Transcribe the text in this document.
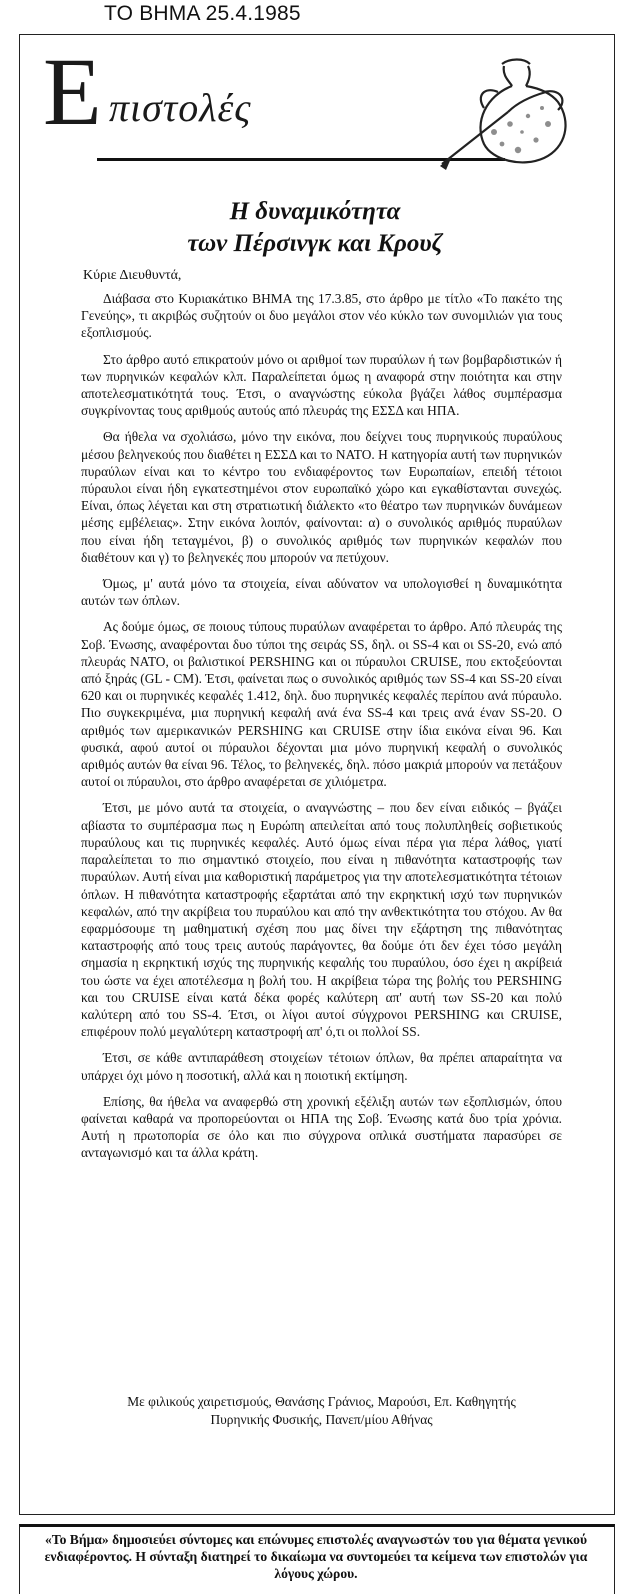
ΤΟ ΒΗΜΑ 25.4.1985
Ε πιστολές
Η δυναμικότητα
των Πέρσινγκ και Κρουζ
Κύριε Διευθυντά,

Διάβασα στο Κυριακάτικο ΒΗΜΑ της 17.3.85, στο άρθρο με τίτλο «Το πακέτο της Γενεύης», τι ακριβώς συζητούν οι δυο μεγάλοι στον νέο κύκλο των συνομιλιών για τους εξοπλισμούς.

Στο άρθρο αυτό επικρατούν μόνο οι αριθμοί των πυραύλων ή των βομβαρδιστικών ή των πυρηνικών κεφαλών κλπ. Παραλείπεται όμως η αναφορά στην ποιότητα και στην αποτελεσματικότητά τους. Έτσι, ο αναγνώστης εύκολα βγάζει λάθος συμπέρασμα συγκρίνοντας τους αριθμούς αυτούς από πλευράς της ΕΣΣΔ και ΗΠΑ.

Θα ήθελα να σχολιάσω, μόνο την εικόνα, που δείχνει τους πυρηνικούς πυραύλους μέσου βεληνεκούς που διαθέτει η ΕΣΣΔ και το ΝΑΤΟ. Η κατηγορία αυτή των πυρηνικών πυραύλων είναι και το κέντρο του ενδιαφέροντος των Ευρωπαίων, επειδή τέτοιοι πύραυλοι είναι ήδη εγκατεστημένοι στον ευρωπαϊκό χώρο και εγκαθίστανται συνεχώς. Είναι, όπως λέγεται και στη στρατιωτική διάλεκτο «το θέατρο των πυρηνικών δυνάμεων μέσης εμβέλειας». Στην εικόνα λοιπόν, φαίνονται: α) ο συνολικός αριθμός πυραύλων που είναι ήδη τεταγμένοι, β) ο συνολικός αριθμός των πυρηνικών κεφαλών που διαθέτουν και γ) το βεληνεκές που μπορούν να πετύχουν.

Όμως, μ' αυτά μόνο τα στοιχεία, είναι αδύνατον να υπολογισθεί η δυναμικότητα αυτών των όπλων.

Ας δούμε όμως, σε ποιους τύπους πυραύλων αναφέρεται το άρθρο. Από πλευράς της Σοβ. Ένωσης, αναφέρονται δυο τύποι της σειράς SS, δηλ. οι SS-4 και οι SS-20, ενώ από πλευράς ΝΑΤΟ, οι βαλιστικοί PERSHING και οι πύραυλοι CRUISE, που εκτοξεύονται από ξηράς (GL - CM). Έτσι, φαίνεται πως ο συνολικός αριθμός των SS-4 και SS-20 είναι 620 και οι πυρηνικές κεφαλές 1.412, δηλ. δυο πυρηνικές κεφαλές περίπου ανά πύραυλο. Πιο συγκεκριμένα, μια πυρηνική κεφαλή ανά ένα SS-4 και τρεις ανά έναν SS-20. Ο αριθμός των αμερικανικών PERSHING και CRUISE στην ίδια εικόνα είναι 96. Και φυσικά, αφού αυτοί οι πύραυλοι δέχονται μια μόνο πυρηνική κεφαλή ο συνολικός αριθμός αυτών θα είναι 96. Τέλος, το βεληνεκές, δηλ. πόσο μακριά μπορούν να πετάξουν αυτοί οι πύραυλοι, στο άρθρο αναφέρεται σε χιλιόμετρα.

Έτσι, με μόνο αυτά τα στοιχεία, ο αναγνώστης – που δεν είναι ειδικός – βγάζει αβίαστα το συμπέρασμα πως η Ευρώπη απειλείται από τους πολυπληθείς σοβιετικούς πυραύλους και τις πυρηνικές κεφαλές. Αυτό όμως είναι πέρα για πέρα λάθος, γιατί παραλείπεται το πιο σημαντικό στοιχείο, που είναι η πιθανότητα καταστροφής των πυραύλων. Αυτή είναι μια καθοριστική παράμετρος για την αποτελεσματικότητα τέτοιων όπλων. Η πιθανότητα καταστροφής εξαρτάται από την εκρηκτική ισχύ των πυρηνικών κεφαλών, από την ακρίβεια του πυραύλου και από την ανθεκτικότητα του στόχου. Αν θα εφαρμόσουμε τη μαθηματική σχέση που μας δίνει την εξάρτηση της πιθανότητας καταστροφής από τους τρεις αυτούς παράγοντες, θα δούμε ότι δεν έχει τόσο μεγάλη σημασία η εκρηκτική ισχύς της πυρηνικής κεφαλής του πυραύλου, όσο έχει η ακρίβειά του ώστε να έχει αποτέλεσμα η βολή του. Η ακρίβεια τώρα της βολής του PERSHING και του CRUISE είναι κατά δέκα φορές καλύτερη απ' αυτή των SS-20 και πολύ καλύτερη από του SS-4. Έτσι, οι λίγοι αυτοί σύγχρονοι PERSHING και CRUISE, επιφέρουν πολύ μεγαλύτερη καταστροφή απ' ό,τι οι πολλοί SS.

Έτσι, σε κάθε αντιπαράθεση στοιχείων τέτοιων όπλων, θα πρέπει απαραίτητα να υπάρχει όχι μόνο η ποσοτική, αλλά και η ποιοτική εκτίμηση.

Επίσης, θα ήθελα να αναφερθώ στη χρονική εξέλιξη αυτών των εξοπλισμών, όπου φαίνεται καθαρά να προπορεύονται οι ΗΠΑ της Σοβ. Ένωσης κατά δυο τρία χρόνια. Αυτή η πρωτοπορία σε όλο και πιο σύγχρονα οπλικά συστήματα παρασύρει σε ανταγωνισμό και τα άλλα κράτη.

Με φιλικούς χαιρετισμούς, Θανάσης Γράνιος, Μαρούσι, Επ. Καθηγητής
Πυρηνικής Φυσικής, Πανεπ/μίου Αθήνας
«Το Βήμα» δημοσιεύει σύντομες και επώνυμες επιστολές αναγνωστών του για θέματα γενικού ενδιαφέροντος. Η σύνταξη διατηρεί το δικαίωμα να συντομεύει τα κείμενα των επιστολών για λόγους χώρου.
